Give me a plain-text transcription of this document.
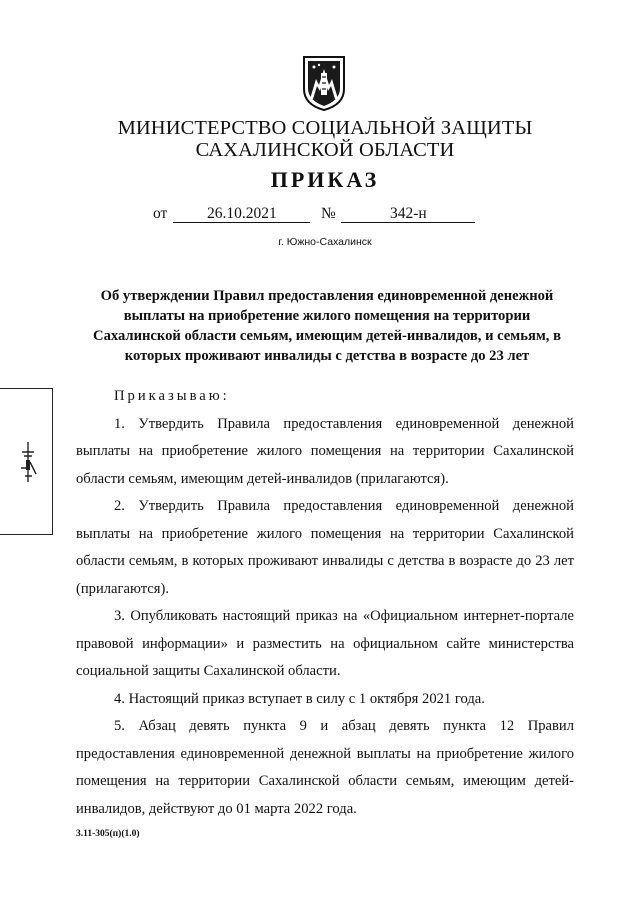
МИНИСТЕРСТВО СОЦИАЛЬНОЙ ЗАЩИТЫ
САХАЛИНСКОЙ ОБЛАСТИ
ПРИКАЗ
от	26.10.2021	№	342-н
г. Южно-Сахалинск
Об утверждении Правил предоставления единовременной денежной выплаты на приобретение жилого помещения на территории Сахалинской области семьям, имеющим детей-инвалидов, и семьям, в которых проживают инвалиды с детства в возрасте до 23 лет

Приказываю:

1. Утвердить Правила предоставления единовременной денежной выплаты на приобретение жилого помещения на территории Сахалинской области семьям, имеющим детей-инвалидов (прилагаются).

2. Утвердить Правила предоставления единовременной денежной выплаты на приобретение жилого помещения на территории Сахалинской области семьям, в которых проживают инвалиды с детства в возрасте до 23 лет (прилагаются).

3. Опубликовать настоящий приказ на «Официальном интернет-портале правовой информации» и разместить на официальном сайте министерства социальной защиты Сахалинской области.

4. Настоящий приказ вступает в силу с 1 октября 2021 года.

5. Абзац девять пункта 9 и абзац девять пункта 12 Правил предоставления единовременной денежной выплаты на приобретение жилого помещения на территории Сахалинской области семьям, имеющим детей-инвалидов, действуют до 01 марта 2022 года.

3.11-305(п)(1.0)
